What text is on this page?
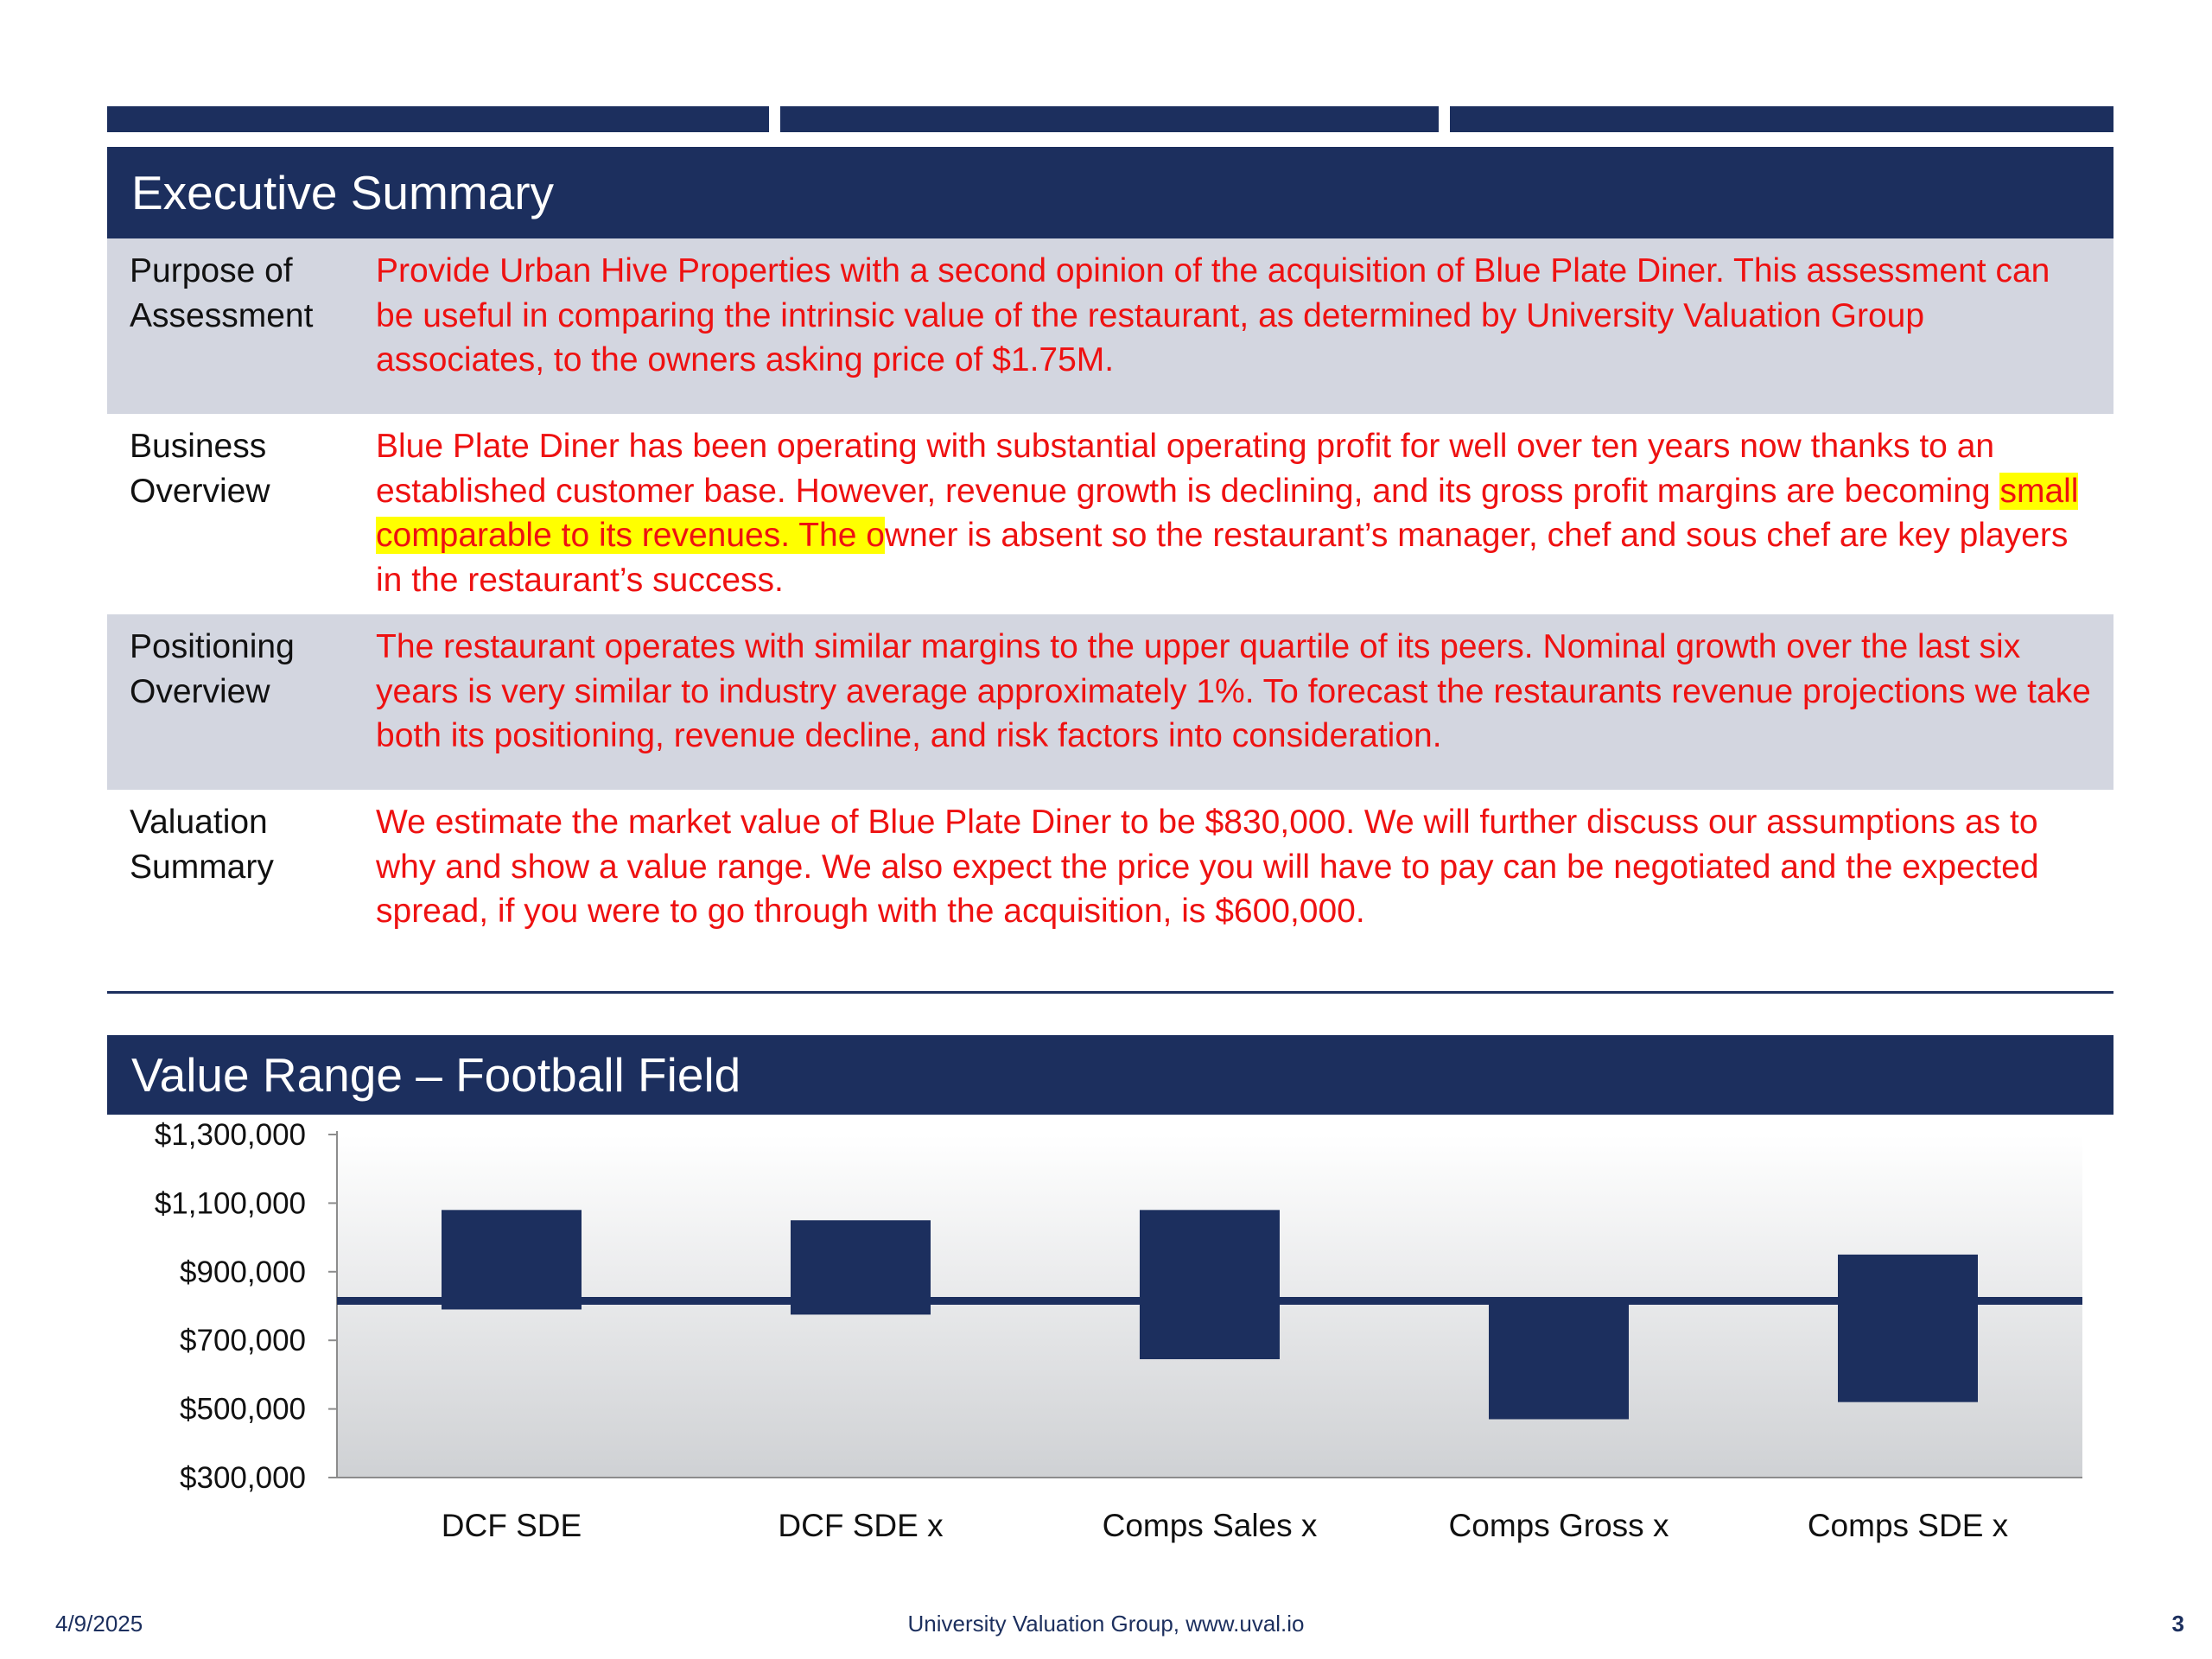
Executive Summary
Purpose of Assessment
Provide Urban Hive Properties with a second opinion of the acquisition of Blue Plate Diner. This assessment can be useful in comparing the intrinsic value of the restaurant, as determined by University Valuation Group associates, to the owners asking price of $1.75M.
Business Overview
Blue Plate Diner has been operating with substantial operating profit for well over ten years now thanks to an established customer base. However, revenue growth is declining, and its gross profit margins are becoming small comparable to its revenues. The owner is absent so the restaurant’s manager, chef and sous chef are key players in the restaurant’s success.
Positioning Overview
The restaurant operates with similar margins to the upper quartile of its peers. Nominal growth over the last six years is very similar to industry average approximately 1%. To forecast the restaurants revenue projections we take both its positioning, revenue decline, and risk factors into consideration.
Valuation Summary
We estimate the market value of Blue Plate Diner to be $830,000. We will further discuss our assumptions as to why and show a value range. We also expect the price you will have to pay can be negotiated and the expected spread, if you were to go through with the acquisition, is $600,000.
Value Range – Football Field
$300,000
$500,000
$700,000
$900,000
$1,100,000
$1,300,000
DCF SDE	DCF SDE x	Comps Sales x	Comps Gross x	Comps SDE x
4/9/2025	University Valuation Group, www.uval.io	3
